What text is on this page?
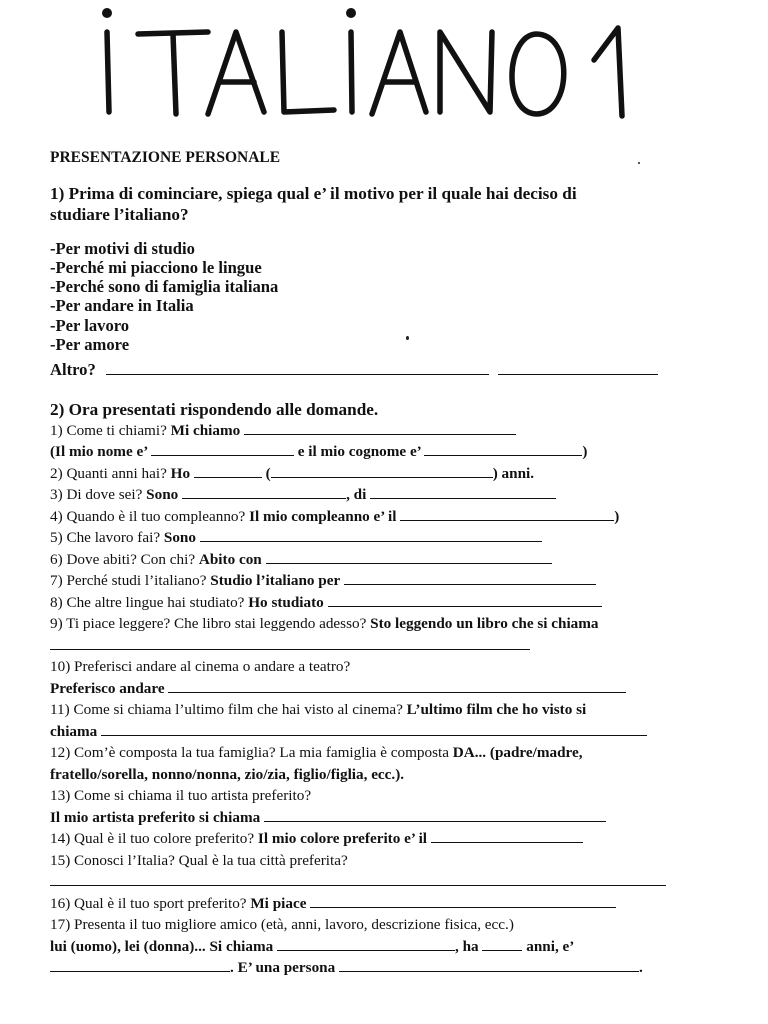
PRESENTAZIONE PERSONALE
1) Prima di cominciare, spiega qual e’ il motivo per il quale hai deciso di
studiare l’italiano?
-Per motivi di studio
-Perché mi piacciono le lingue
-Perché sono di famiglia italiana
-Per andare in Italia
-Per lavoro
-Per amore
Altro?
2) Ora presentati rispondendo alle domande.
1) Come ti chiami? Mi chiamo
(Il mio nome e’	e il mio cognome e’	)
2) Quanti anni hai? Ho	(	) anni.
3) Di dove sei? Sono	, di
4) Quando è il tuo compleanno? Il mio compleanno e’ il	)
5) Che lavoro fai? Sono
6) Dove abiti? Con chi? Abito con
7) Perché studi l’italiano? Studio l’italiano per
8) Che altre lingue hai studiato? Ho studiato
9) Ti piace leggere? Che libro stai leggendo adesso? Sto leggendo un libro che si chiama
10) Preferisci andare al cinema o andare a teatro?
Preferisco andare
11) Come si chiama l’ultimo film che hai visto al cinema? L’ultimo film che ho visto si
chiama
12) Com’è composta la tua famiglia? La mia famiglia è composta DA... (padre/madre,
fratello/sorella, nonno/nonna, zio/zia, figlio/figlia, ecc.).
13) Come si chiama il tuo artista preferito?
Il mio artista preferito si chiama
14) Qual è il tuo colore preferito? Il mio colore preferito e’ il
15) Conosci l’Italia? Qual è la tua città preferita?
16) Qual è il tuo sport preferito? Mi piace
17) Presenta il tuo migliore amico (età, anni, lavoro, descrizione fisica, ecc.)
lui (uomo), lei (donna)... Si chiama	, ha	anni, e’
. E’ una persona	.
